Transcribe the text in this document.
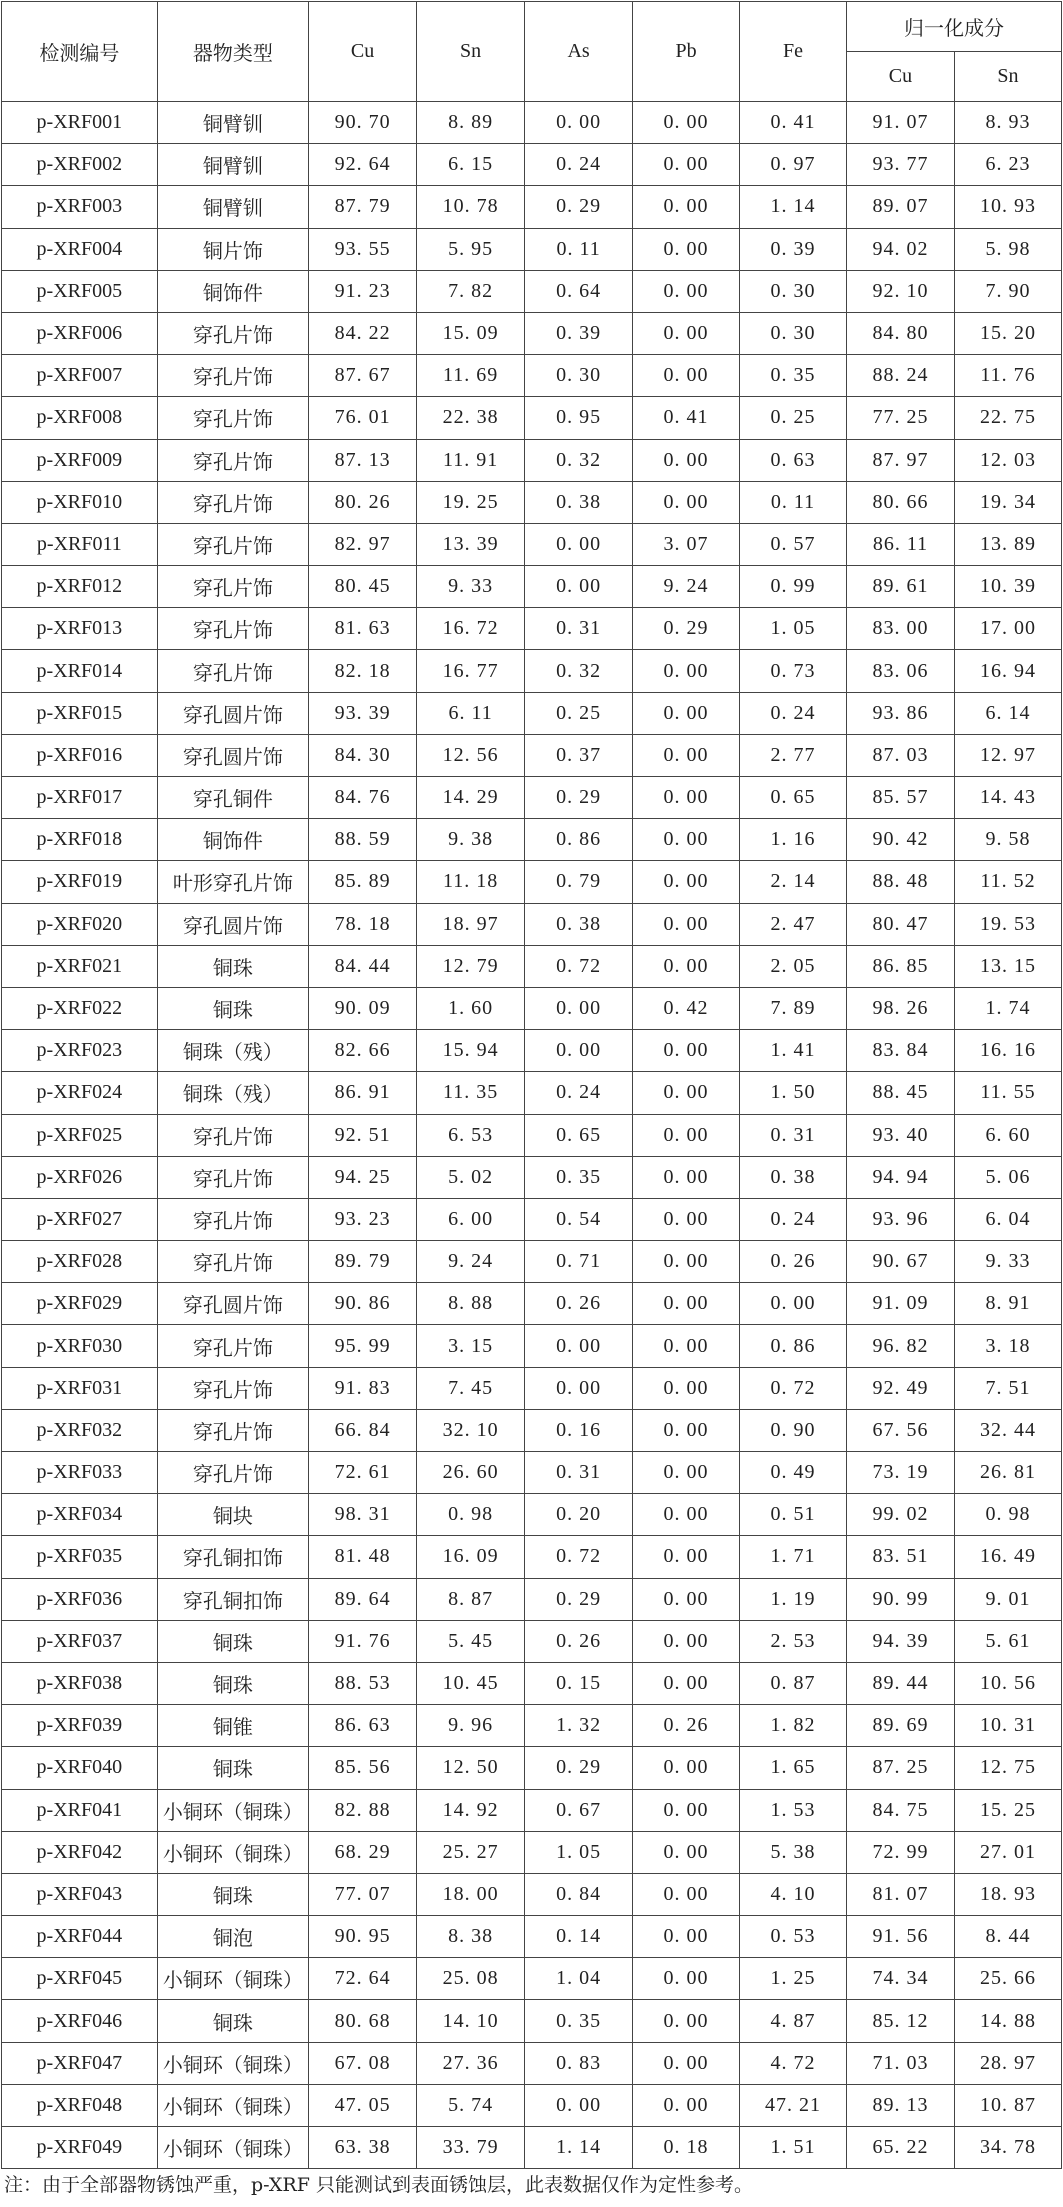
检测编号	器物类型	Cu	Sn	As	Pb	Fe	归一化成分	
							Cu	Sn
p-XRF001	铜臂钏	90. 70	8. 89	0. 00	0. 00	0. 41	91. 07	8. 93
p-XRF002	铜臂钏	92. 64	6. 15	0. 24	0. 00	0. 97	93. 77	6. 23
p-XRF003	铜臂钏	87. 79	10. 78	0. 29	0. 00	1. 14	89. 07	10. 93
p-XRF004	铜片饰	93. 55	5. 95	0. 11	0. 00	0. 39	94. 02	5. 98
p-XRF005	铜饰件	91. 23	7. 82	0. 64	0. 00	0. 30	92. 10	7. 90
p-XRF006	穿孔片饰	84. 22	15. 09	0. 39	0. 00	0. 30	84. 80	15. 20
p-XRF007	穿孔片饰	87. 67	11. 69	0. 30	0. 00	0. 35	88. 24	11. 76
p-XRF008	穿孔片饰	76. 01	22. 38	0. 95	0. 41	0. 25	77. 25	22. 75
p-XRF009	穿孔片饰	87. 13	11. 91	0. 32	0. 00	0. 63	87. 97	12. 03
p-XRF010	穿孔片饰	80. 26	19. 25	0. 38	0. 00	0. 11	80. 66	19. 34
p-XRF011	穿孔片饰	82. 97	13. 39	0. 00	3. 07	0. 57	86. 11	13. 89
p-XRF012	穿孔片饰	80. 45	9. 33	0. 00	9. 24	0. 99	89. 61	10. 39
p-XRF013	穿孔片饰	81. 63	16. 72	0. 31	0. 29	1. 05	83. 00	17. 00
p-XRF014	穿孔片饰	82. 18	16. 77	0. 32	0. 00	0. 73	83. 06	16. 94
p-XRF015	穿孔圆片饰	93. 39	6. 11	0. 25	0. 00	0. 24	93. 86	6. 14
p-XRF016	穿孔圆片饰	84. 30	12. 56	0. 37	0. 00	2. 77	87. 03	12. 97
p-XRF017	穿孔铜件	84. 76	14. 29	0. 29	0. 00	0. 65	85. 57	14. 43
p-XRF018	铜饰件	88. 59	9. 38	0. 86	0. 00	1. 16	90. 42	9. 58
p-XRF019	叶形穿孔片饰	85. 89	11. 18	0. 79	0. 00	2. 14	88. 48	11. 52
p-XRF020	穿孔圆片饰	78. 18	18. 97	0. 38	0. 00	2. 47	80. 47	19. 53
p-XRF021	铜珠	84. 44	12. 79	0. 72	0. 00	2. 05	86. 85	13. 15
p-XRF022	铜珠	90. 09	1. 60	0. 00	0. 42	7. 89	98. 26	1. 74
p-XRF023	铜珠（残）	82. 66	15. 94	0. 00	0. 00	1. 41	83. 84	16. 16
p-XRF024	铜珠（残）	86. 91	11. 35	0. 24	0. 00	1. 50	88. 45	11. 55
p-XRF025	穿孔片饰	92. 51	6. 53	0. 65	0. 00	0. 31	93. 40	6. 60
p-XRF026	穿孔片饰	94. 25	5. 02	0. 35	0. 00	0. 38	94. 94	5. 06
p-XRF027	穿孔片饰	93. 23	6. 00	0. 54	0. 00	0. 24	93. 96	6. 04
p-XRF028	穿孔片饰	89. 79	9. 24	0. 71	0. 00	0. 26	90. 67	9. 33
p-XRF029	穿孔圆片饰	90. 86	8. 88	0. 26	0. 00	0. 00	91. 09	8. 91
p-XRF030	穿孔片饰	95. 99	3. 15	0. 00	0. 00	0. 86	96. 82	3. 18
p-XRF031	穿孔片饰	91. 83	7. 45	0. 00	0. 00	0. 72	92. 49	7. 51
p-XRF032	穿孔片饰	66. 84	32. 10	0. 16	0. 00	0. 90	67. 56	32. 44
p-XRF033	穿孔片饰	72. 61	26. 60	0. 31	0. 00	0. 49	73. 19	26. 81
p-XRF034	铜块	98. 31	0. 98	0. 20	0. 00	0. 51	99. 02	0. 98
p-XRF035	穿孔铜扣饰	81. 48	16. 09	0. 72	0. 00	1. 71	83. 51	16. 49
p-XRF036	穿孔铜扣饰	89. 64	8. 87	0. 29	0. 00	1. 19	90. 99	9. 01
p-XRF037	铜珠	91. 76	5. 45	0. 26	0. 00	2. 53	94. 39	5. 61
p-XRF038	铜珠	88. 53	10. 45	0. 15	0. 00	0. 87	89. 44	10. 56
p-XRF039	铜锥	86. 63	9. 96	1. 32	0. 26	1. 82	89. 69	10. 31
p-XRF040	铜珠	85. 56	12. 50	0. 29	0. 00	1. 65	87. 25	12. 75
p-XRF041	小铜环（铜珠）	82. 88	14. 92	0. 67	0. 00	1. 53	84. 75	15. 25
p-XRF042	小铜环（铜珠）	68. 29	25. 27	1. 05	0. 00	5. 38	72. 99	27. 01
p-XRF043	铜珠	77. 07	18. 00	0. 84	0. 00	4. 10	81. 07	18. 93
p-XRF044	铜泡	90. 95	8. 38	0. 14	0. 00	0. 53	91. 56	8. 44
p-XRF045	小铜环（铜珠）	72. 64	25. 08	1. 04	0. 00	1. 25	74. 34	25. 66
p-XRF046	铜珠	80. 68	14. 10	0. 35	0. 00	4. 87	85. 12	14. 88
p-XRF047	小铜环（铜珠）	67. 08	27. 36	0. 83	0. 00	4. 72	71. 03	28. 97
p-XRF048	小铜环（铜珠）	47. 05	5. 74	0. 00	0. 00	47. 21	89. 13	10. 87
p-XRF049	小铜环（铜珠）	63. 38	33. 79	1. 14	0. 18	1. 51	65. 22	34. 78
注：由于全部器物锈蚀严重，p-XRF 只能测试到表面锈蚀层，此表数据仅作为定性参考。
